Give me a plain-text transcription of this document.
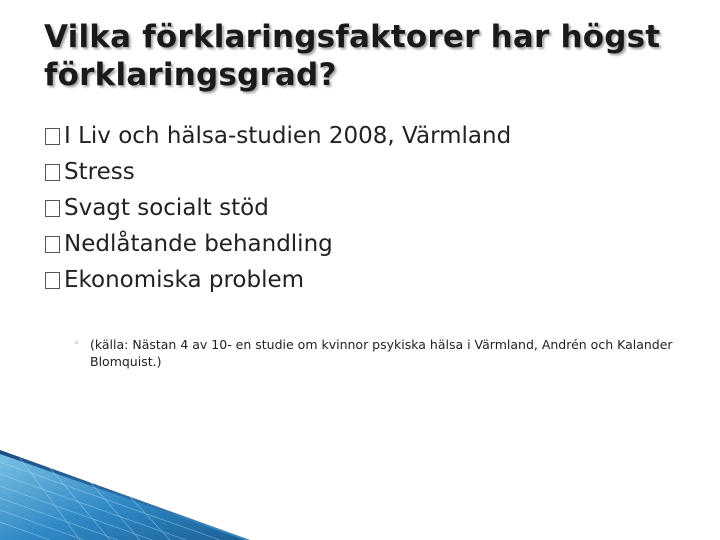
Vilka förklaringsfaktorer har högst förklaringsgrad?
I Liv och hälsa-studien 2008, Värmland
Stress
Svagt socialt stöd
Nedlåtande behandling
Ekonomiska problem
◦ (källa: Nästan 4 av 10- en studie om kvinnor psykiska hälsa i Värmland, Andrén och Kalander Blomquist.)
